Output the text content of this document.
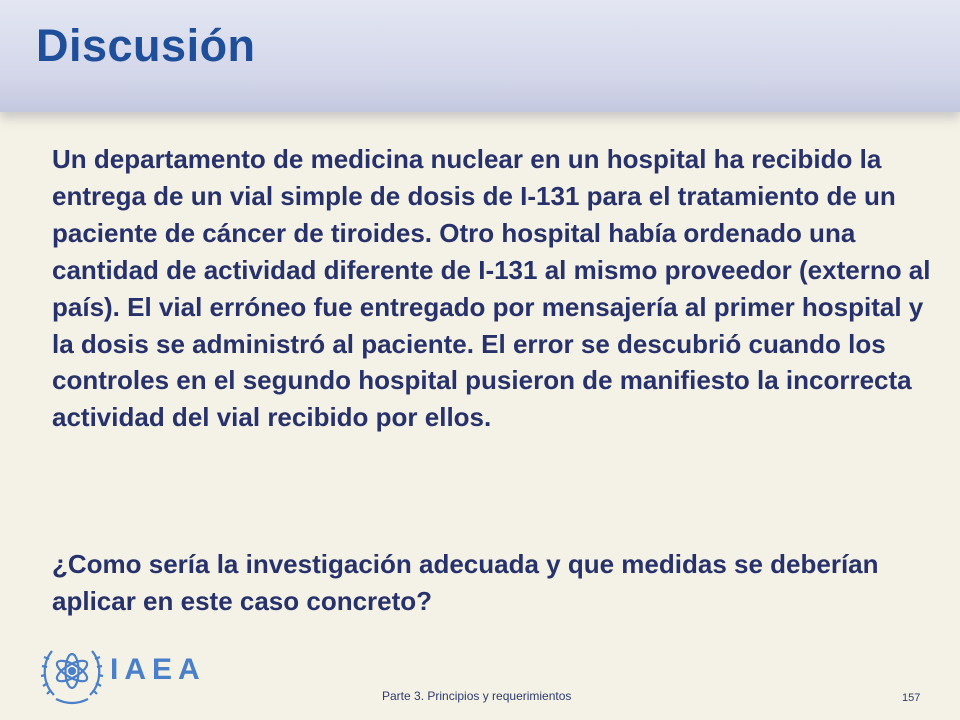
Discusión

Un departamento de medicina nuclear en un hospital ha recibido la entrega de un vial simple de dosis de I-131 para el tratamiento de un paciente de cáncer de tiroides. Otro hospital había ordenado una cantidad de actividad diferente de I-131 al mismo proveedor (externo al país). El vial erróneo fue entregado por mensajería al primer hospital y la dosis se administró al paciente. El error se descubrió cuando los controles en el segundo hospital pusieron de manifiesto la incorrecta actividad del vial recibido por ellos.

¿Como sería la investigación adecuada y que medidas se deberían aplicar en este caso concreto?

IAEA
Parte 3. Principios y requerimientos	157
